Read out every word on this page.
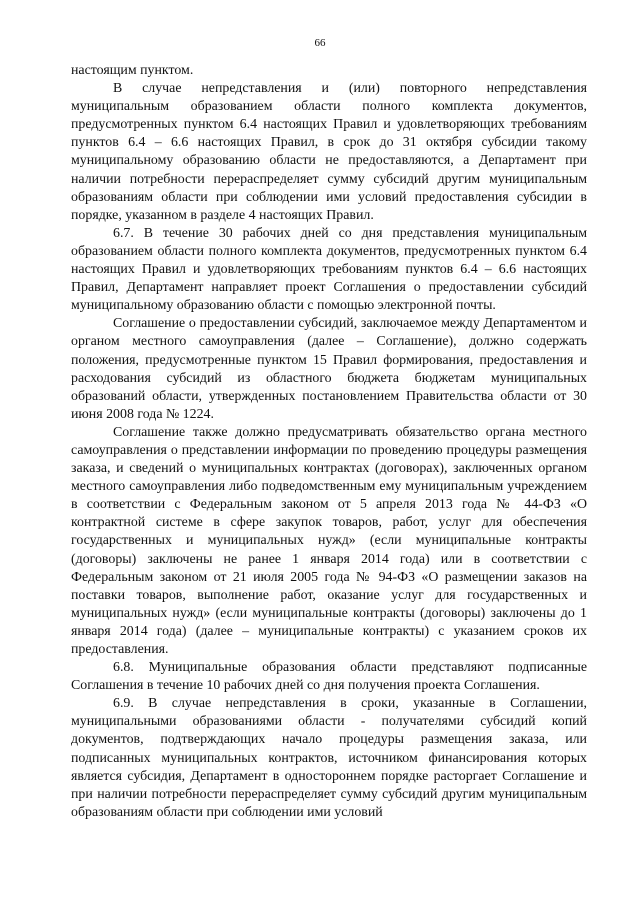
66

настоящим пунктом.

В случае непредставления и (или) повторного непредставления муниципальным образованием области полного комплекта документов, предусмотренных пунктом 6.4 настоящих Правил и удовлетворяющих требованиям пунктов 6.4 – 6.6 настоящих Правил, в срок до 31 октября субсидии такому муниципальному образованию области не предоставляются, а Департамент при наличии потребности перераспределяет сумму субсидий другим муниципальным образованиям области при соблюдении ими условий предоставления субсидии в порядке, указанном в разделе 4 настоящих Правил.

6.7. В течение 30 рабочих дней со дня представления муниципальным образованием области полного комплекта документов, предусмотренных пунктом 6.4 настоящих Правил и удовлетворяющих требованиям пунктов 6.4 – 6.6 настоящих Правил, Департамент направляет проект Соглашения о предоставлении субсидий муниципальному образованию области с помощью электронной почты.

Соглашение о предоставлении субсидий, заключаемое между Департаментом и органом местного самоуправления (далее – Соглашение), должно содержать положения, предусмотренные пунктом 15 Правил формирования, предоставления и расходования субсидий из областного бюджета бюджетам муниципальных образований области, утвержденных постановлением Правительства области от 30 июня 2008 года № 1224.

Соглашение также должно предусматривать обязательство органа местного самоуправления о представлении информации по проведению процедуры размещения заказа, и сведений о муниципальных контрактах (договорах), заключенных органом местного самоуправления либо подведомственным ему муниципальным учреждением в соответствии с Федеральным законом от 5 апреля 2013 года № 44-ФЗ «О контрактной системе в сфере закупок товаров, работ, услуг для обеспечения государственных и муниципальных нужд» (если муниципальные контракты (договоры) заключены не ранее 1 января 2014 года) или в соответствии с Федеральным законом от 21 июля 2005 года № 94-ФЗ «О размещении заказов на поставки товаров, выполнение работ, оказание услуг для государственных и муниципальных нужд» (если муниципальные контракты (договоры) заключены до 1 января 2014 года) (далее – муниципальные контракты) с указанием сроков их предоставления.

6.8. Муниципальные образования области представляют подписанные Соглашения в течение 10 рабочих дней со дня получения проекта Соглашения.

6.9. В случае непредставления в сроки, указанные в Соглашении, муниципальными образованиями области - получателями субсидий копий документов, подтверждающих начало процедуры размещения заказа, или подписанных муниципальных контрактов, источником финансирования которых является субсидия, Департамент в одностороннем порядке расторгает Соглашение и при наличии потребности перераспределяет сумму субсидий другим муниципальным образованиям области при соблюдении ими условий
